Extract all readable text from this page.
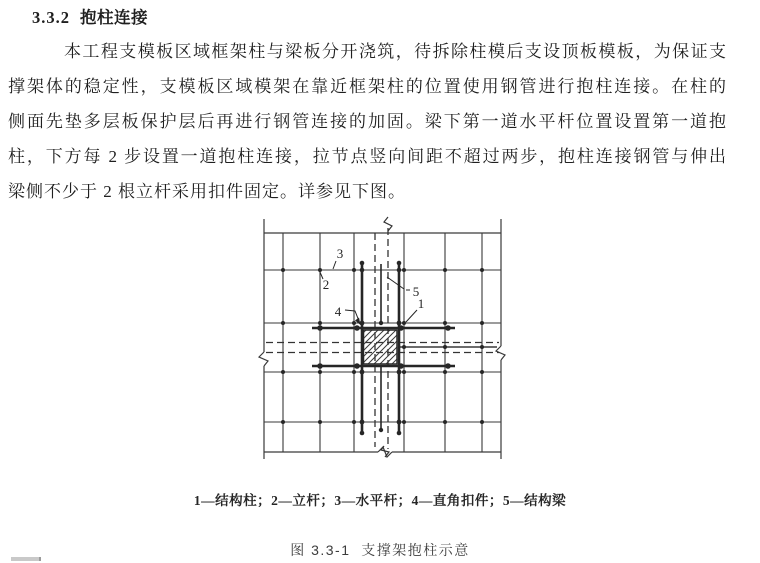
3.3.2 抱柱连接
本工程支模板区域框架柱与梁板分开浇筑，待拆除柱模后支设顶板模板，为保证支
撑架体的稳定性，支模板区域模架在靠近框架柱的位置使用钢管进行抱柱连接。在柱的
侧面先垫多层板保护层后再进行钢管连接的加固。梁下第一道水平杆位置设置第一道抱
柱，下方每 2 步设置一道抱柱连接，拉节点竖向间距不超过两步，抱柱连接钢管与伸出
梁侧不少于 2 根立杆采用扣件固定。详参见下图。
3
2
4
5
1
1—结构柱；2—立杆；3—水平杆；4—直角扣件；5—结构梁
图 3.3-1  支撑架抱柱示意
